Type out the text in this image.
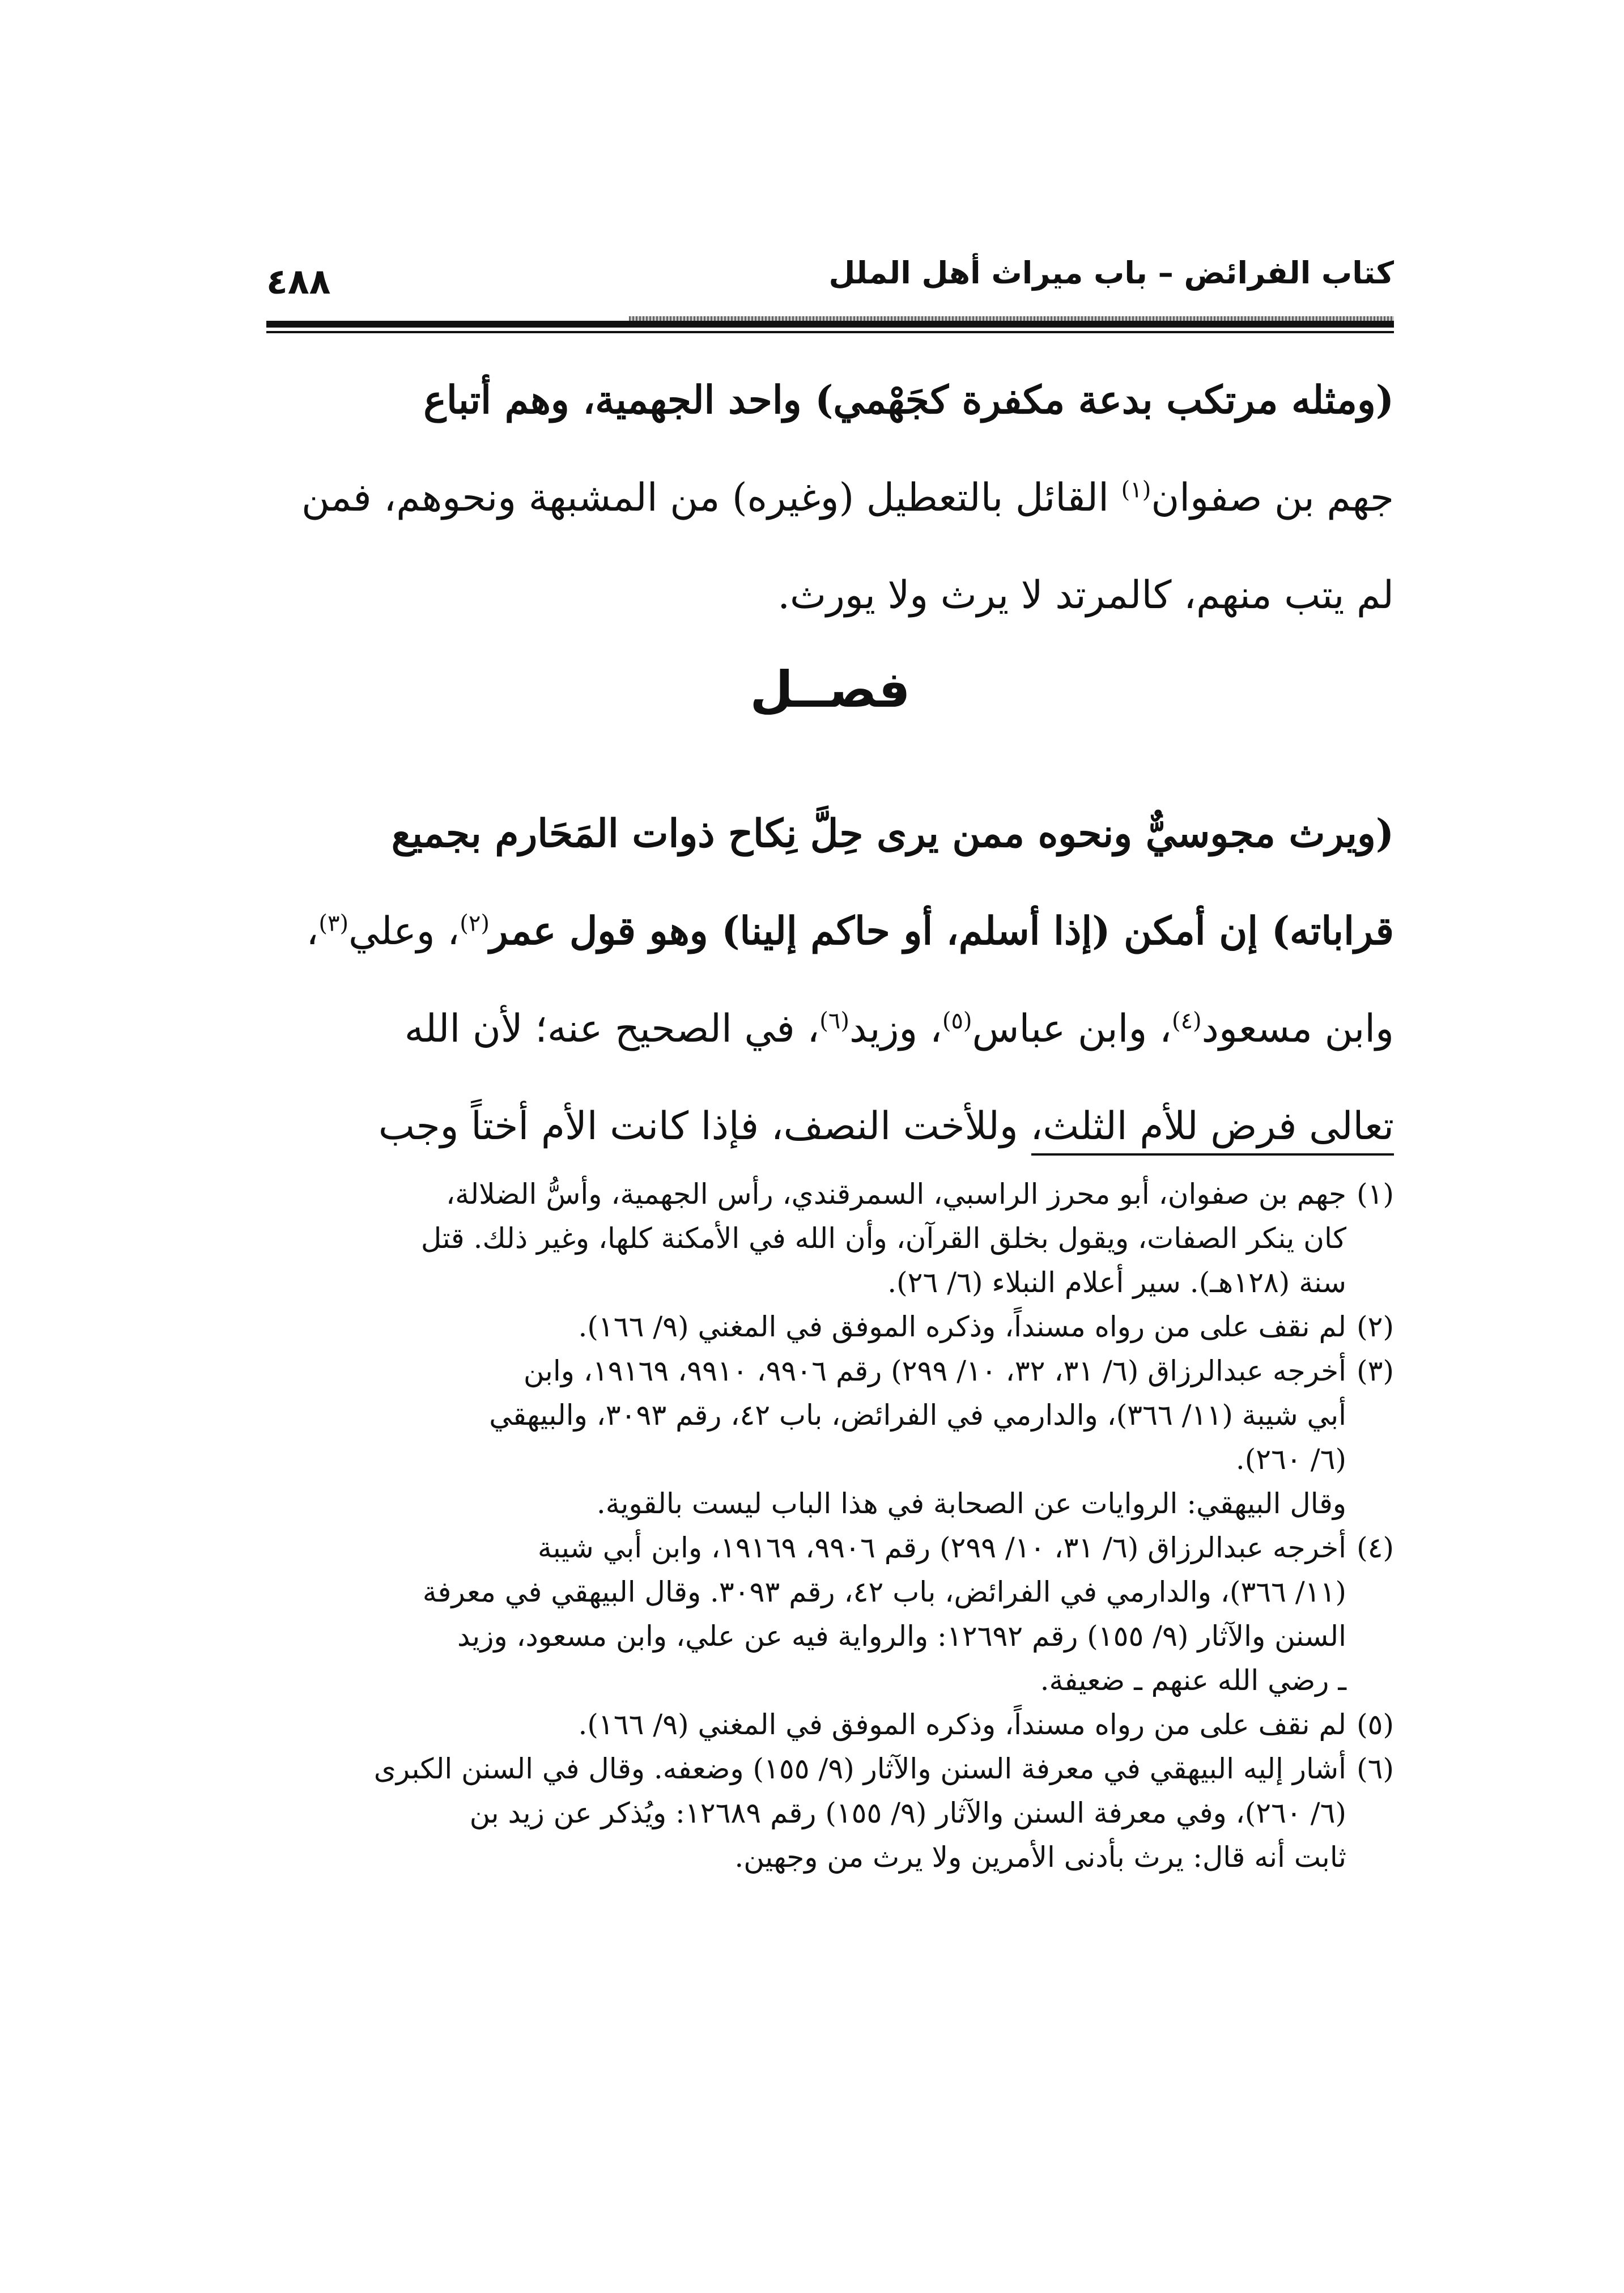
٤٨٨	كتاب الفرائض – باب ميراث أهل الملل
(ومثله مرتكب بدعة مكفرة كجَهْمي) واحد الجهمية، وهم أتباع
جهم بن صفوان$^{(١)}$ القائل بالتعطيل (وغيره) من المشبهة ونحوهم، فمن
لم يتب منهم، كالمرتد لا يرث ولا يورث.
فصــل
(ويرث مجوسيٌّ ونحوه ممن يرى حِلَّ نِكاح ذوات المَحَارم بجميع
قراباته) إن أمكن (إذا أسلم، أو حاكم إلينا) وهو قول عمر$^{(٢)}$، وعلي$^{(٣)}$،
وابن مسعود$^{(٤)}$، وابن عباس$^{(٥)}$، وزيد$^{(٦)}$، في الصحيح عنه؛ لأن الله
تعالى فرض للأم الثلث، وللأخت النصف، فإذا كانت الأم أختاً وجب
(١)
جهم بن صفوان، أبو محرز الراسبي، السمرقندي، رأس الجهمية، وأسُّ الضلالة،
كان ينكر الصفات، ويقول بخلق القرآن، وأن الله في الأمكنة كلها، وغير ذلك. قتل
سنة (١٢٨هـ). سير أعلام النبلاء (٦/ ٢٦).
(٢)
لم نقف على من رواه مسنداً، وذكره الموفق في المغني (٩/ ١٦٦).
(٣)
أخرجه عبدالرزاق (٦/ ٣١، ٣٢، ١٠/ ٢٩٩) رقم ٩٩٠٦، ٩٩١٠، ١٩١٦٩، وابن
أبي شيبة (١١/ ٣٦٦)، والدارمي في الفرائض، باب ٤٢، رقم ٣٠٩٣، والبيهقي
(٦/ ٢٦٠).
وقال البيهقي: الروايات عن الصحابة في هذا الباب ليست بالقوية.
(٤)
أخرجه عبدالرزاق (٦/ ٣١، ١٠/ ٢٩٩) رقم ٩٩٠٦، ١٩١٦٩، وابن أبي شيبة
(١١/ ٣٦٦)، والدارمي في الفرائض، باب ٤٢، رقم ٣٠٩٣. وقال البيهقي في معرفة
السنن والآثار (٩/ ١٥٥) رقم ١٢٦٩٢: والرواية فيه عن علي، وابن مسعود، وزيد
ـ رضي الله عنهم ـ ضعيفة.
(٥)
لم نقف على من رواه مسنداً، وذكره الموفق في المغني (٩/ ١٦٦).
(٦)
أشار إليه البيهقي في معرفة السنن والآثار (٩/ ١٥٥) وضعفه. وقال في السنن الكبرى
(٦/ ٢٦٠)، وفي معرفة السنن والآثار (٩/ ١٥٥) رقم ١٢٦٨٩: ويُذكر عن زيد بن
ثابت أنه قال: يرث بأدنى الأمرين ولا يرث من وجهين.
